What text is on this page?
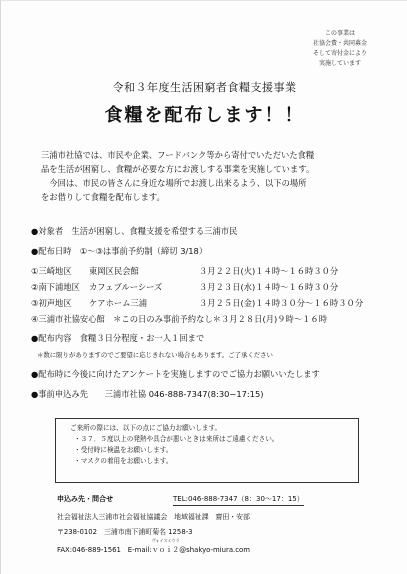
この事業は
社協会費・共同募金
そして寄付金により
実施しています
令和３年度生活困窮者食糧支援事業
食糧を配布します！！

三浦市社協では、市民や企業、フードバンク等から寄付でいただいた食糧

品を生活が困窮し、食糧が必要な方にお渡しする事業を実施しています。

今回は、市民の皆さんに身近な場所でお渡し出来るよう、以下の場所

をお借りして食糧を配布します。

●対象者　生活が困窮し、食糧支援を希望する三浦市民
●配布日時　①～③は事前予約制（締切 3/18）
①三崎地区 東岡区民会館	３月２２日(火)１４時～１６時３０分
②南下浦地区 カフェブルーシーズ	３月２３日(水)１４時～１６時３０分
③初声地区 ケアホーム三浦	３月２５日(金)１４時３０分～１６時３０分
④三浦市社協安心館　＊この日のみ事前予約なし＊３月２８日(月)９時～１６時
●配布内容　食糧３日分程度・お一人１回まで
＊数に限りがありますのでご要望に応じきれない場合もあります。ご了承ください
●配布時に今後に向けたアンケートを実施しますのでご協力お願いいたします
●事前申込み先　　三浦市社協 046-888-7347(8:30−17:15)
ご来所の際には、以下の点にご協力お願いします。
・３７．５度以上の発熱や具合が悪いときは来所はご遠慮ください。
・受付時に検温をお願いします。
・マスクの着用をお願いします。
申込み先・問合せ	TEL:046-888-7347（8：30～17：15）
社会福祉法人三浦市社会福祉協議会　地域福祉課　齋田・安部
〒238-0102　三浦市南下浦町菊名 1258-3
FAX:046-889-1561　E-mail:
ヴォイスミウラ
ｖｏｉ２@shakyo-miura.com
